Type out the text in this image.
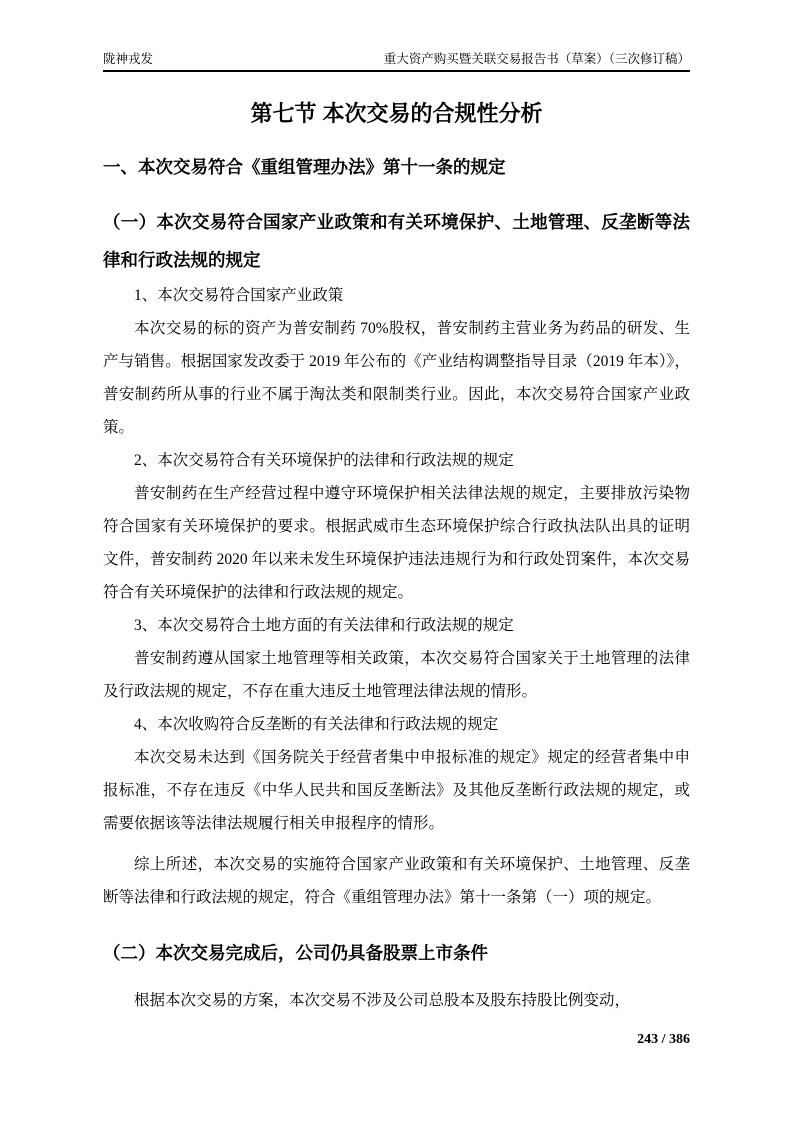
陇神戎发	重大资产购买暨关联交易报告书（草案）（三次修订稿）
第七节 本次交易的合规性分析
一、本次交易符合《重组管理办法》第十一条的规定
（一）本次交易符合国家产业政策和有关环境保护、土地管理、反垄断等法律和行政法规的规定

1、本次交易符合国家产业政策

本次交易的标的资产为普安制药 70%股权，普安制药主营业务为药品的研发、生产与销售。根据国家发改委于 2019 年公布的《产业结构调整指导目录（2019 年本）》，普安制药所从事的行业不属于淘汰类和限制类行业。因此，本次交易符合国家产业政策。

2、本次交易符合有关环境保护的法律和行政法规的规定

普安制药在生产经营过程中遵守环境保护相关法律法规的规定，主要排放污染物符合国家有关环境保护的要求。根据武威市生态环境保护综合行政执法队出具的证明文件，普安制药 2020 年以来未发生环境保护违法违规行为和行政处罚案件，本次交易符合有关环境保护的法律和行政法规的规定。

3、本次交易符合土地方面的有关法律和行政法规的规定

普安制药遵从国家土地管理等相关政策，本次交易符合国家关于土地管理的法律及行政法规的规定，不存在重大违反土地管理法律法规的情形。

4、本次收购符合反垄断的有关法律和行政法规的规定

本次交易未达到《国务院关于经营者集中申报标准的规定》规定的经营者集中申报标准，不存在违反《中华人民共和国反垄断法》及其他反垄断行政法规的规定，或需要依据该等法律法规履行相关申报程序的情形。

综上所述，本次交易的实施符合国家产业政策和有关环境保护、土地管理、反垄断等法律和行政法规的规定，符合《重组管理办法》第十一条第（一）项的规定。

（二）本次交易完成后，公司仍具备股票上市条件

根据本次交易的方案，本次交易不涉及公司总股本及股东持股比例变动，

243 / 386
